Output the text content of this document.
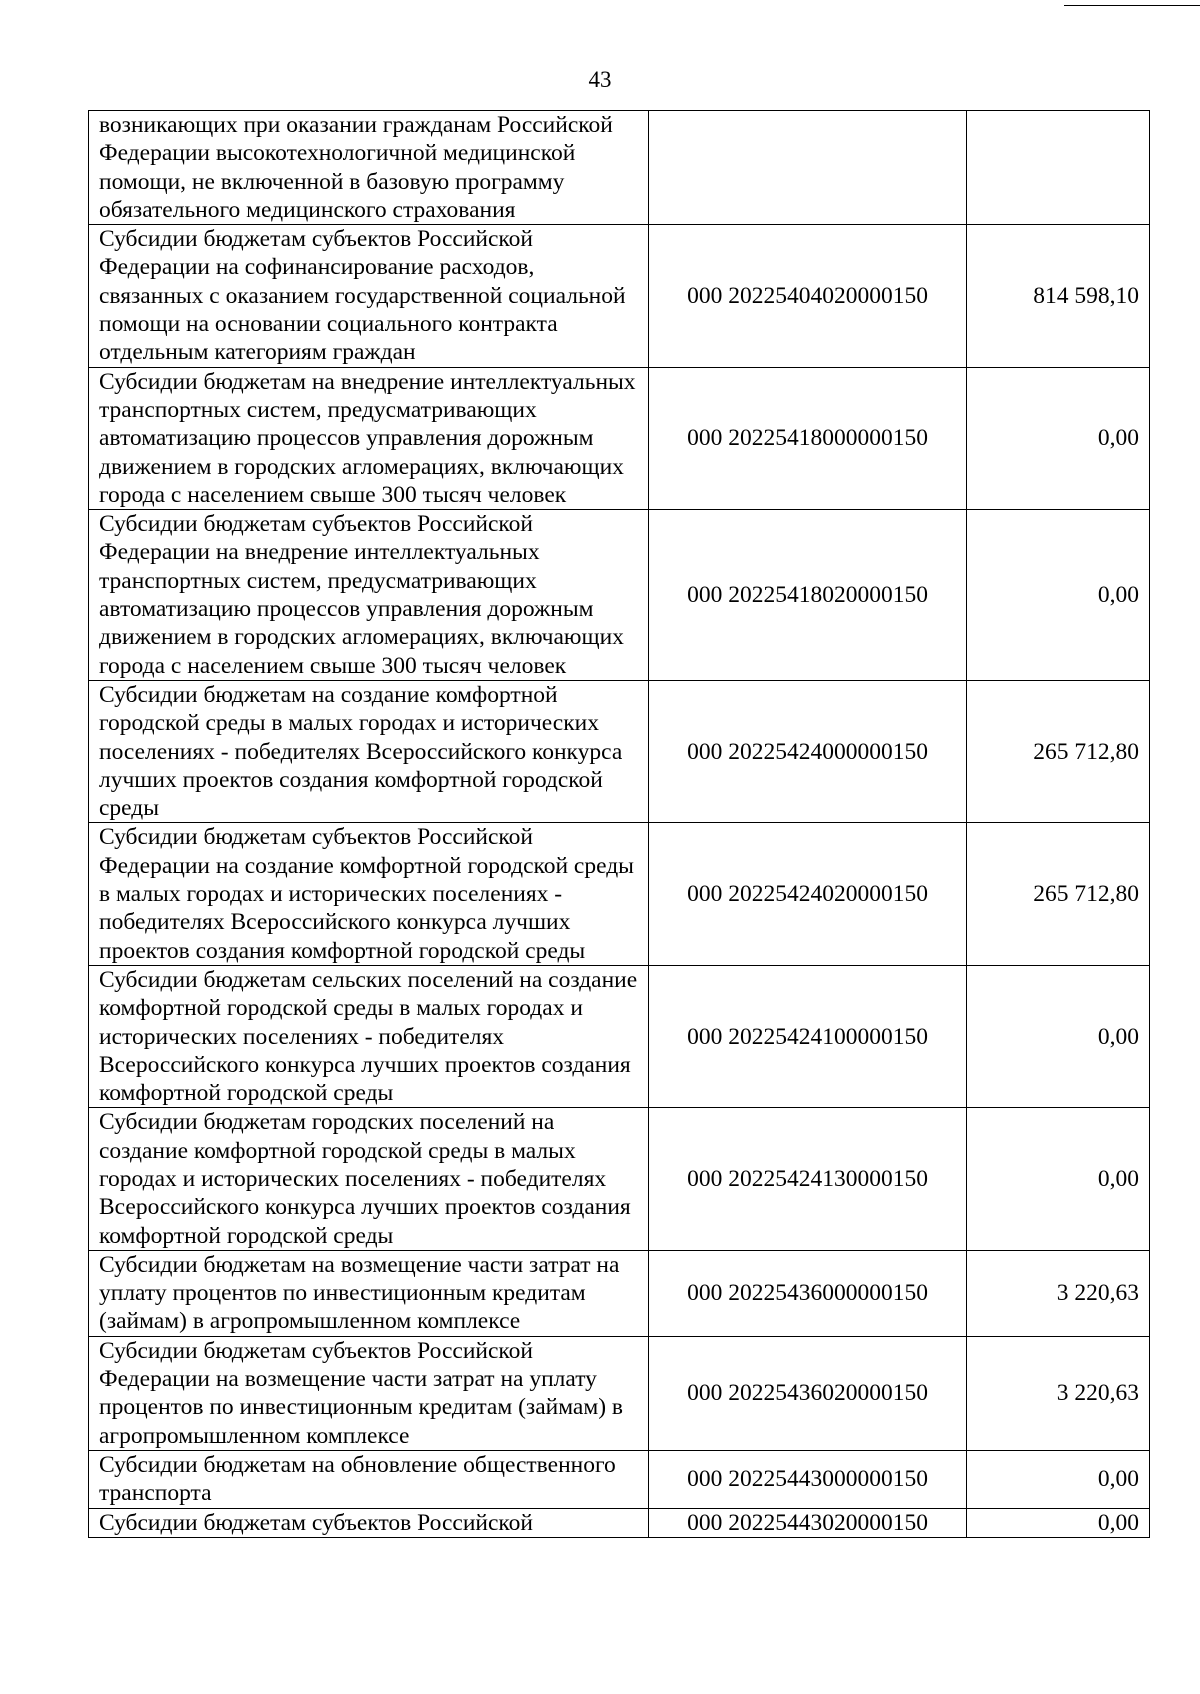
43
возникающих при оказании гражданам Российской Федерации высокотехнологичной медицинской помощи, не включенной в базовую программу обязательного медицинского страхования		
Субсидии бюджетам субъектов Российской Федерации на софинансирование расходов, связанных с оказанием государственной социальной помощи на основании социального контракта отдельным категориям граждан	000 20225404020000150	814 598,10
Субсидии бюджетам на внедрение интеллектуальных транспортных систем, предусматривающих автоматизацию процессов управления дорожным движением в городских агломерациях, включающих города с населением свыше 300 тысяч человек	000 20225418000000150	0,00
Субсидии бюджетам субъектов Российской Федерации на внедрение интеллектуальных транспортных систем, предусматривающих автоматизацию процессов управления дорожным движением в городских агломерациях, включающих города с населением свыше 300 тысяч человек	000 20225418020000150	0,00
Субсидии бюджетам на создание комфортной городской среды в малых городах и исторических поселениях - победителях Всероссийского конкурса лучших проектов создания комфортной городской среды	000 20225424000000150	265 712,80
Субсидии бюджетам субъектов Российской Федерации на создание комфортной городской среды в малых городах и исторических поселениях - победителях Всероссийского конкурса лучших проектов создания комфортной городской среды	000 20225424020000150	265 712,80
Субсидии бюджетам сельских поселений на создание комфортной городской среды в малых городах и исторических поселениях - победителях Всероссийского конкурса лучших проектов создания комфортной городской среды	000 20225424100000150	0,00
Субсидии бюджетам городских поселений на создание комфортной городской среды в малых городах и исторических поселениях - победителях Всероссийского конкурса лучших проектов создания комфортной городской среды	000 20225424130000150	0,00
Субсидии бюджетам на возмещение части затрат на уплату процентов по инвестиционным кредитам (займам) в агропромышленном комплексе	000 20225436000000150	3 220,63
Субсидии бюджетам субъектов Российской Федерации на возмещение части затрат на уплату процентов по инвестиционным кредитам (займам) в агропромышленном комплексе	000 20225436020000150	3 220,63
Субсидии бюджетам на обновление общественного транспорта	000 20225443000000150	0,00
Субсидии бюджетам субъектов Российской	000 20225443020000150	0,00
